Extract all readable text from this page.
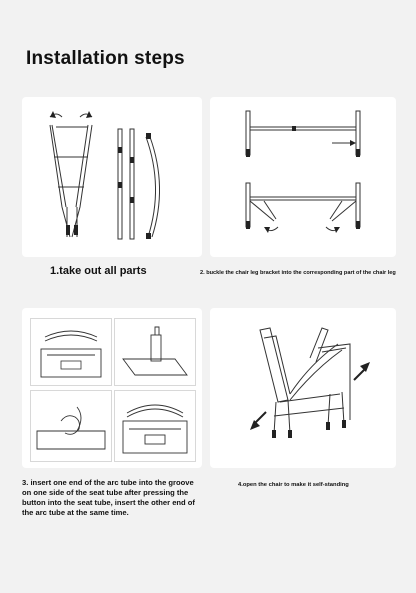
Installation steps
1.take out all parts	2. buckle the chair leg bracket into the corresponding part of the chair leg
3. insert one end of the arc tube into the groove on one side of the seat tube after pressing the button into the seat tube, insert the other end of the arc tube at the same time.
4.open the chair to make it self-standing
